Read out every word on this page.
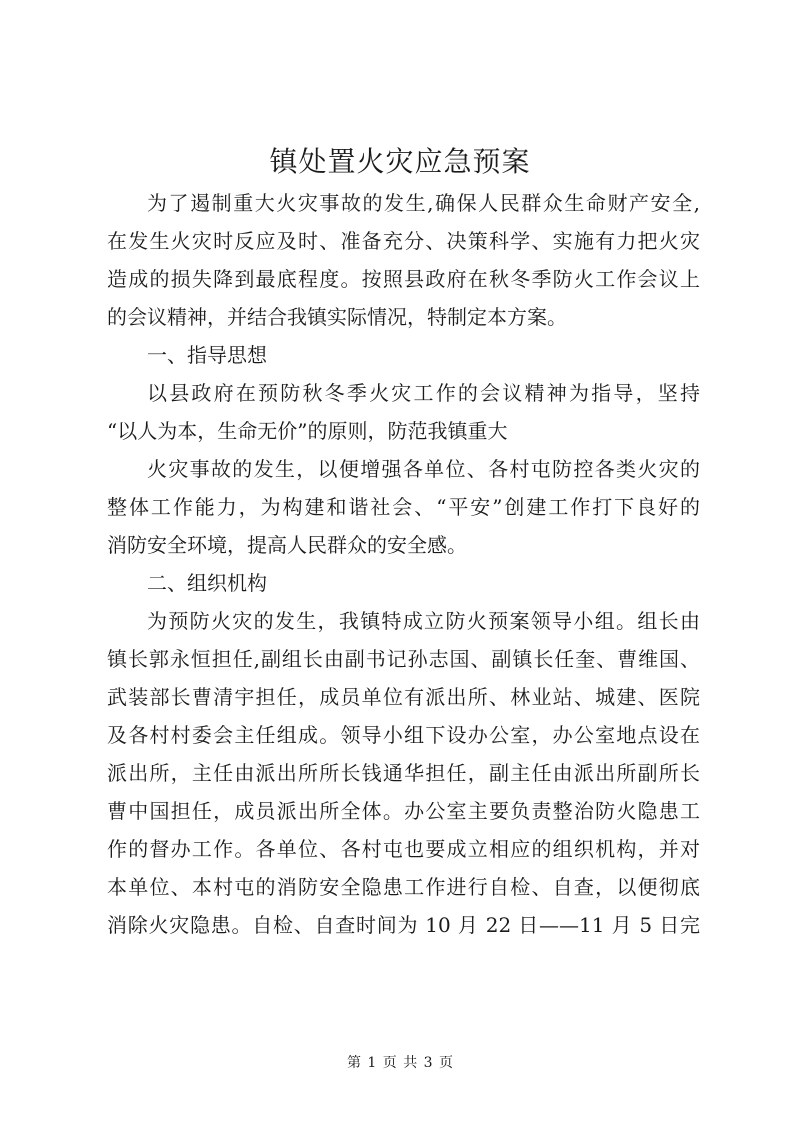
镇处置火灾应急预案
为了遏制重大火灾事故的发生,确保人民群众生命财产安全,
在发生火灾时反应及时、准备充分、决策科学、实施有力把火灾
造成的损失降到最底程度。按照县政府在秋冬季防火工作会议上
的会议精神，并结合我镇实际情况，特制定本方案。
一、指导思想
以县政府在预防秋冬季火灾工作的会议精神为指导，坚持
“以人为本，生命无价”的原则，防范我镇重大
火灾事故的发生，以便增强各单位、各村屯防控各类火灾的
整体工作能力，为构建和谐社会、“平安”创建工作打下良好的
消防安全环境，提高人民群众的安全感。
二、组织机构
为预防火灾的发生，我镇特成立防火预案领导小组。组长由
镇长郭永恒担任,副组长由副书记孙志国、副镇长任奎、曹维国、
武装部长曹清宇担任，成员单位有派出所、林业站、城建、医院
及各村村委会主任组成。领导小组下设办公室，办公室地点设在
派出所，主任由派出所所长钱通华担任，副主任由派出所副所长
曹中国担任，成员派出所全体。办公室主要负责整治防火隐患工
作的督办工作。各单位、各村屯也要成立相应的组织机构，并对
本单位、本村屯的消防安全隐患工作进行自检、自查，以便彻底
消除火灾隐患。自检、自查时间为 10 月 22 日——11 月 5 日完
第 1 页 共 3 页
